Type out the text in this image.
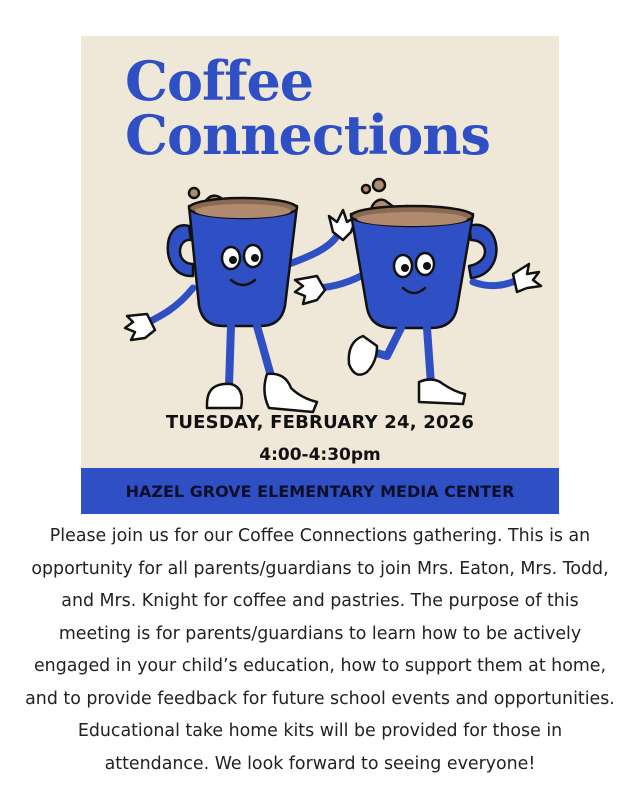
Coffee
Connections
TUESDAY, FEBRUARY 24, 2026
4:00-4:30pm
HAZEL GROVE ELEMENTARY MEDIA CENTER

Please join us for our Coffee Connections gathering. This is an
opportunity for all parents/guardians to join Mrs. Eaton, Mrs. Todd,
and Mrs. Knight for coffee and pastries. The purpose of this
meeting is for parents/guardians to learn how to be actively
engaged in your child’s education, how to support them at home,
and to provide feedback for future school events and opportunities.
Educational take home kits will be provided for those in
attendance. We look forward to seeing everyone!
